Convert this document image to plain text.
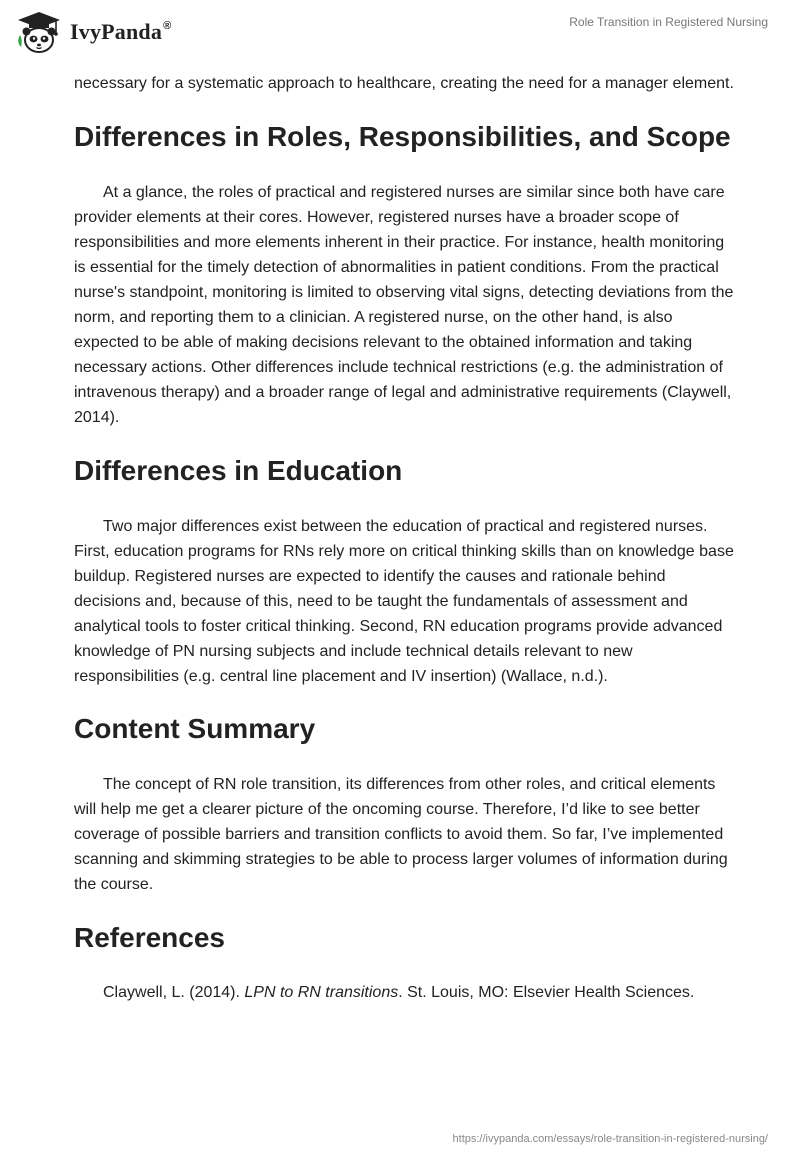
IvyPanda®	Role Transition in Registered Nursing

necessary for a systematic approach to healthcare, creating the need for a manager element.

Differences in Roles, Responsibilities, and Scope

At a glance, the roles of practical and registered nurses are similar since both have care provider elements at their cores. However, registered nurses have a broader scope of responsibilities and more elements inherent in their practice. For instance, health monitoring is essential for the timely detection of abnormalities in patient conditions. From the practical nurse's standpoint, monitoring is limited to observing vital signs, detecting deviations from the norm, and reporting them to a clinician. A registered nurse, on the other hand, is also expected to be able of making decisions relevant to the obtained information and taking necessary actions. Other differences include technical restrictions (e.g. the administration of intravenous therapy) and a broader range of legal and administrative requirements (Claywell, 2014).

Differences in Education

Two major differences exist between the education of practical and registered nurses. First, education programs for RNs rely more on critical thinking skills than on knowledge base buildup. Registered nurses are expected to identify the causes and rationale behind decisions and, because of this, need to be taught the fundamentals of assessment and analytical tools to foster critical thinking. Second, RN education programs provide advanced knowledge of PN nursing subjects and include technical details relevant to new responsibilities (e.g. central line placement and IV insertion) (Wallace, n.d.).

Content Summary

The concept of RN role transition, its differences from other roles, and critical elements will help me get a clearer picture of the oncoming course. Therefore, I’d like to see better coverage of possible barriers and transition conflicts to avoid them. So far, I’ve implemented scanning and skimming strategies to be able to process larger volumes of information during the course.

References

Claywell, L. (2014). LPN to RN transitions. St. Louis, MO: Elsevier Health Sciences.

https://ivypanda.com/essays/role-transition-in-registered-nursing/
